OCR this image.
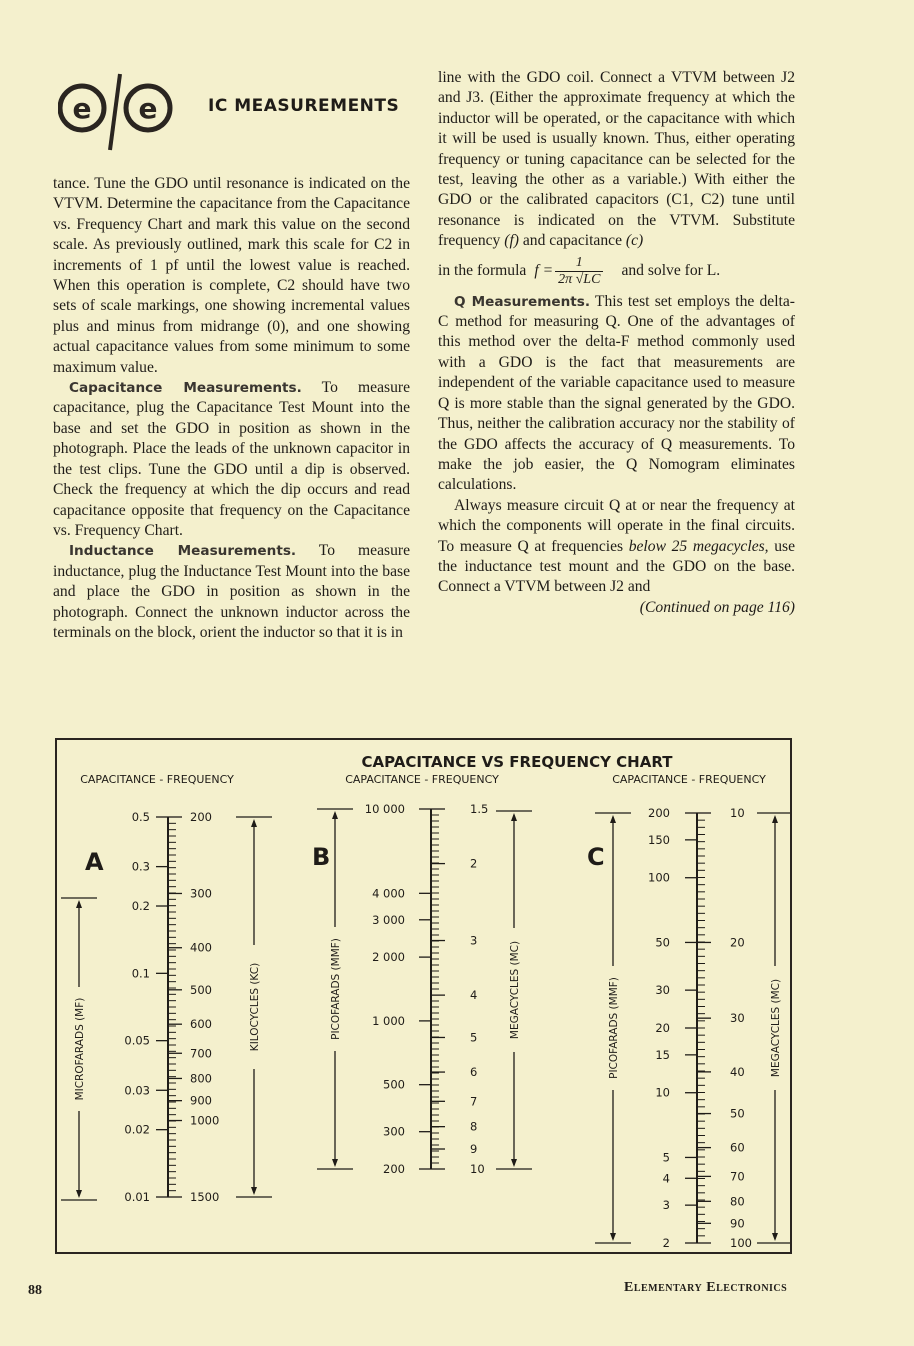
e e	IC MEASUREMENTS

tance. Tune the GDO until resonance is indicated on the VTVM. Determine the capacitance from the Capacitance vs. Frequency Chart and mark this value on the second scale. As previously outlined, mark this scale for C2 in increments of 1 pf until the lowest value is reached. When this operation is complete, C2 should have two sets of scale markings, one showing incremental values plus and minus from midrange (0), and one showing actual capacitance values from some minimum to some maximum value.

Capacitance Measurements. To measure capacitance, plug the Capacitance Test Mount into the base and set the GDO in position as shown in the photograph. Place the leads of the unknown capacitor in the test clips. Tune the GDO until a dip is observed. Check the frequency at which the dip occurs and read capacitance opposite that frequency on the Capacitance vs. Frequency Chart.

Inductance Measurements. To measure inductance, plug the Inductance Test Mount into the base and place the GDO in position as shown in the photograph. Connect the unknown inductor across the terminals on the block, orient the inductor so that it is in

line with the GDO coil. Connect a VTVM between J2 and J3. (Either the approximate frequency at which the inductor will be operated, or the capacitance with which it will be used is usually known. Thus, either operating frequency or tuning capacitance can be selected for the test, leaving the other as a variable.) With either the GDO or the calibrated capacitors (C1, C2) tune until resonance is indicated on the VTVM. Substitute frequency (f) and capacitance (c)

in the formula $f = \frac{1}{2\pi √LC}$ and solve for L.

Q Measurements. This test set employs the delta-C method for measuring Q. One of the advantages of this method over the delta-F method commonly used with a GDO is the fact that measurements are independent of the variable capacitance used to measure Q is more stable than the signal generated by the GDO. Thus, neither the calibration accuracy nor the stability of the GDO affects the accuracy of Q measurements. To make the job easier, the Q Nomogram eliminates calculations.

Always measure circuit Q at or near the frequency at which the components will operate in the final circuits. To measure Q at frequencies below 25 megacycles, use the inductance test mount and the GDO on the base. Connect a VTVM between J2 and

(Continued on page 116)

CAPACITANCE VS FREQUENCY CHART
CAPACITANCE - FREQUENCY
A
0.5
0.3
0.2
0.1
0.05
0.03
0.02
0.01
200
300
400
500
600
700
800
900
1000
1500
MICROFARADS (MF)	KILOCYCLES (KC)
CAPACITANCE - FREQUENCY
B
10 000
4 000
3 000
2 000
1 000
500
300
200
1.5
2
3
4
5
6
7
8
9
10
PICOFARADS (MMF)	MEGACYCLES (MC)
CAPACITANCE - FREQUENCY
C
200
150
100
50
30
20
15
10
5
4
3
2
10
20
30
40
50
60
70
80
90
100
PICOFARADS (MMF)	MEGACYCLES (MC)
88	Elementary Electronics
